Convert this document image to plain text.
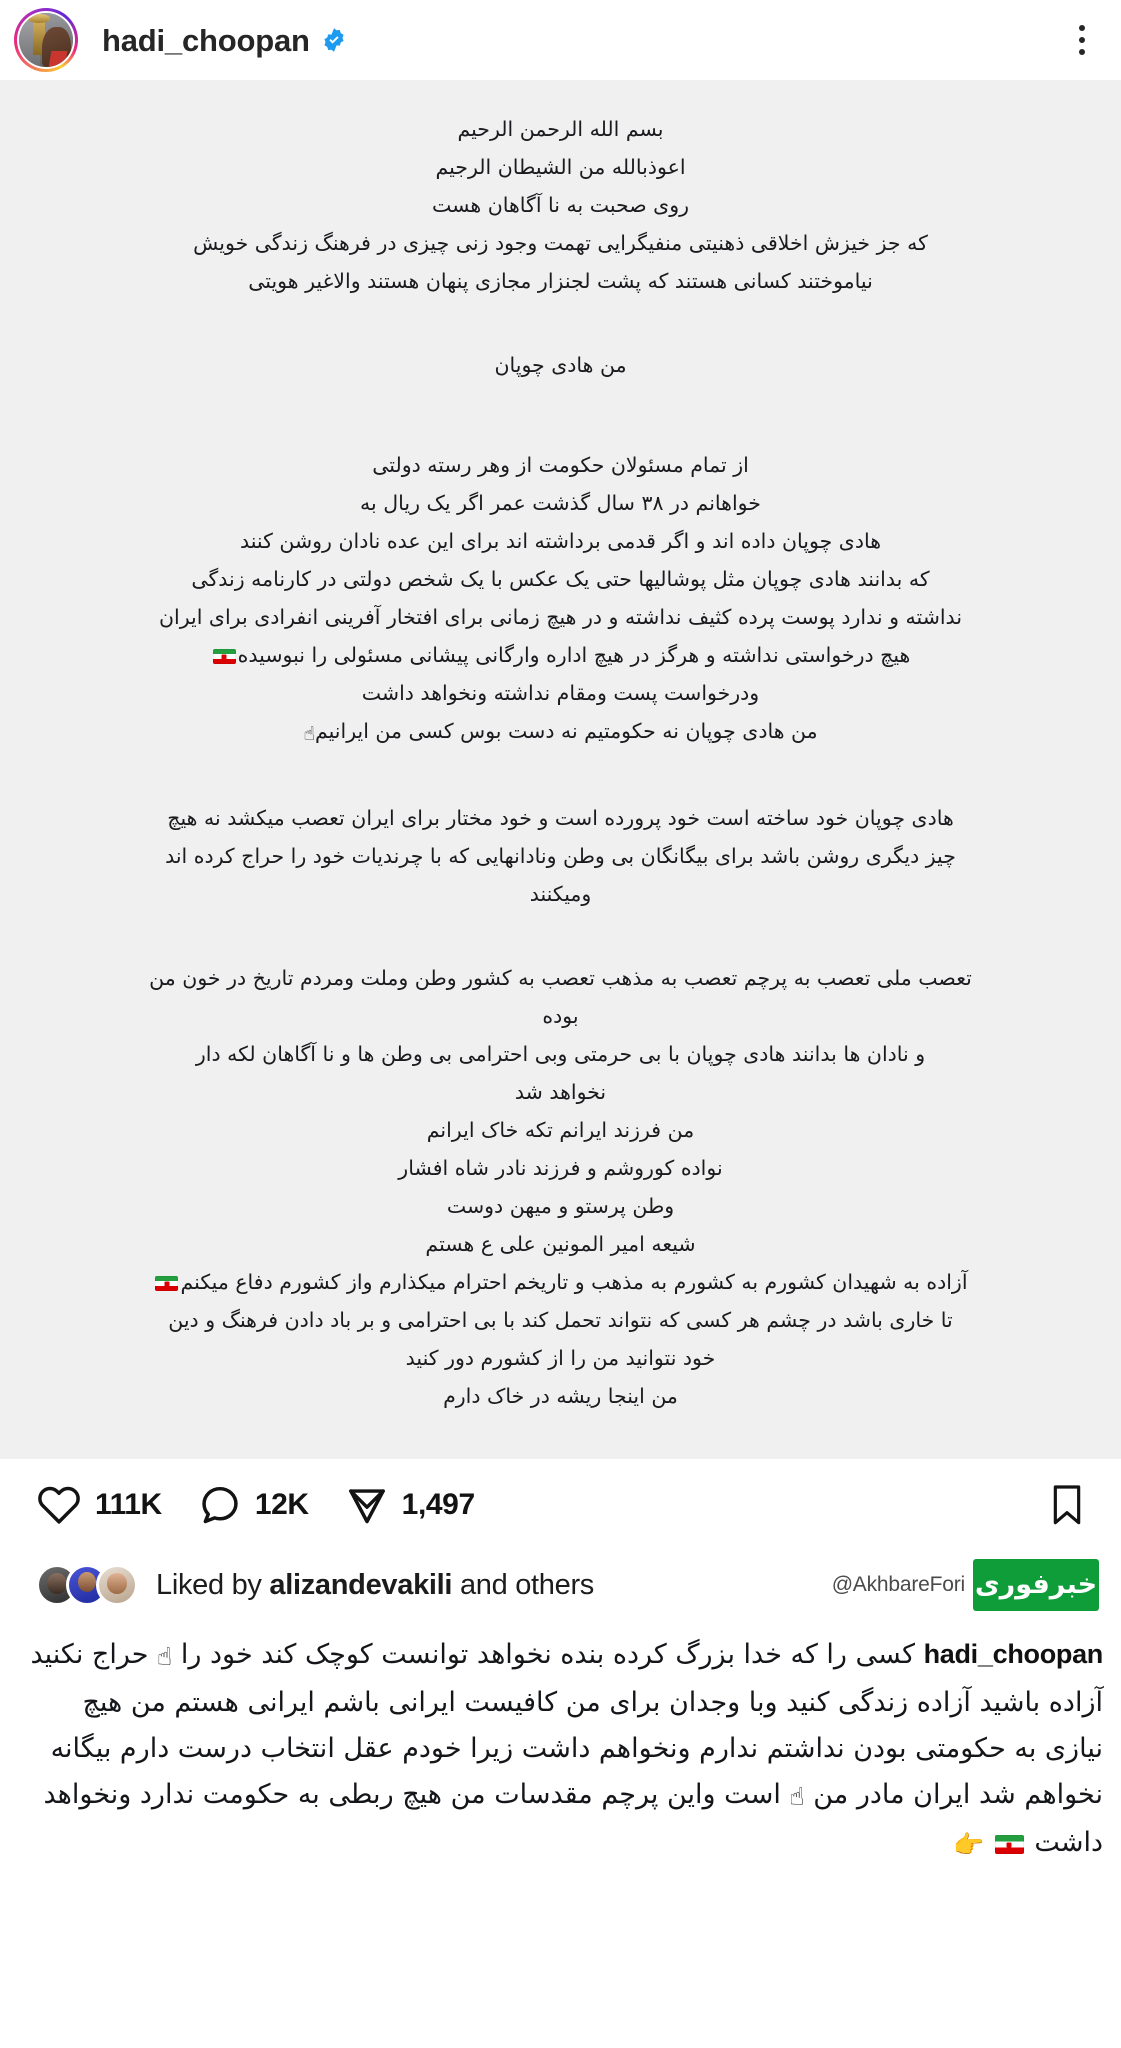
hadi_choopan
بسم الله الرحمن الرحیم
اعوذبالله من الشیطان الرجیم
روی صحبت به نا آگاهان هست
که جز خیزش اخلاقی ذهنیتی منفیگرایی تهمت وجود زنی چیزی در فرهنگ زندگی خویش
نیاموختند کسانی هستند که پشت لجنزار مجازی پنهان هستند والاغیر هویتی
من هادی چوپان
از تمام مسئولان حکومت از وهر رسته دولتی
خواهانم در ۳۸ سال گذشت عمر اگر یک ریال به
هادی چوپان داده اند و اگر قدمی برداشته اند برای این عده نادان روشن کنند
که بدانند هادی چوپان مثل پوشالیها حتی یک عکس با یک شخص دولتی در کارنامه زندگی
نداشته و ندارد پوست پرده کثیف نداشته و در هیچ زمانی برای افتخار آفرینی انفرادی برای ایران
هیچ درخواستی نداشته و هرگز در هیچ اداره وارگانی پیشانی مسئولی را نبوسیده
ودرخواست پست ومقام نداشته ونخواهد داشت
من هادی چوپان نه حکومتیم نه دست بوس کسی من ایرانیم☝
هادی چوپان خود ساخته است خود پرورده است و خود مختار برای ایران تعصب میکشد نه هیچ
چیز دیگری روشن باشد برای بیگانگان بی وطن ونادانهایی که با چرندیات خود را حراج کرده اند
ومیکنند
تعصب ملی تعصب به پرچم تعصب به مذهب تعصب به کشور وطن وملت ومردم تاریخ در خون من
بوده
و نادان ها بدانند هادی چوپان با بی حرمتی وبی احترامی بی وطن ها و نا آگاهان لکه دار
نخواهد شد
من فرزند ایرانم تکه خاک ایرانم
نواده کوروشم و فرزند نادر شاه افشار
وطن پرستو و میهن دوست
شیعه امیر المونین علی ع هستم
آزاده به شهیدان کشورم به کشورم به مذهب و تاریخم احترام میکذارم واز کشورم دفاع میکنم
تا خاری باشد در چشم هر کسی که نتواند تحمل کند با بی احترامی و بر باد دادن فرهنگ و دین
خود نتوانید من را از کشورم دور کنید
من اینجا ریشه در خاک دارم
111K	12K	1,497
Liked by alizandevakili and others	@AkhbareFori خبرفوری
hadi_choopan کسی را که خدا بزرگ کرده بنده نخواهد توانست کوچک کند خود را ☝ حراج نکنید آزاده باشید آزاده زندگی کنید وبا وجدان برای من کافیست ایرانی باشم ایرانی هستم من هیچ نیازی به حکومتی بودن نداشتم ندارم ونخواهم داشت زیرا خودم عقل انتخاب درست دارم بیگانه نخواهم شد ایران مادر من ☝ است واین پرچم مقدسات من هیچ ربطی به حکومت ندارد ونخواهد داشت  👉
